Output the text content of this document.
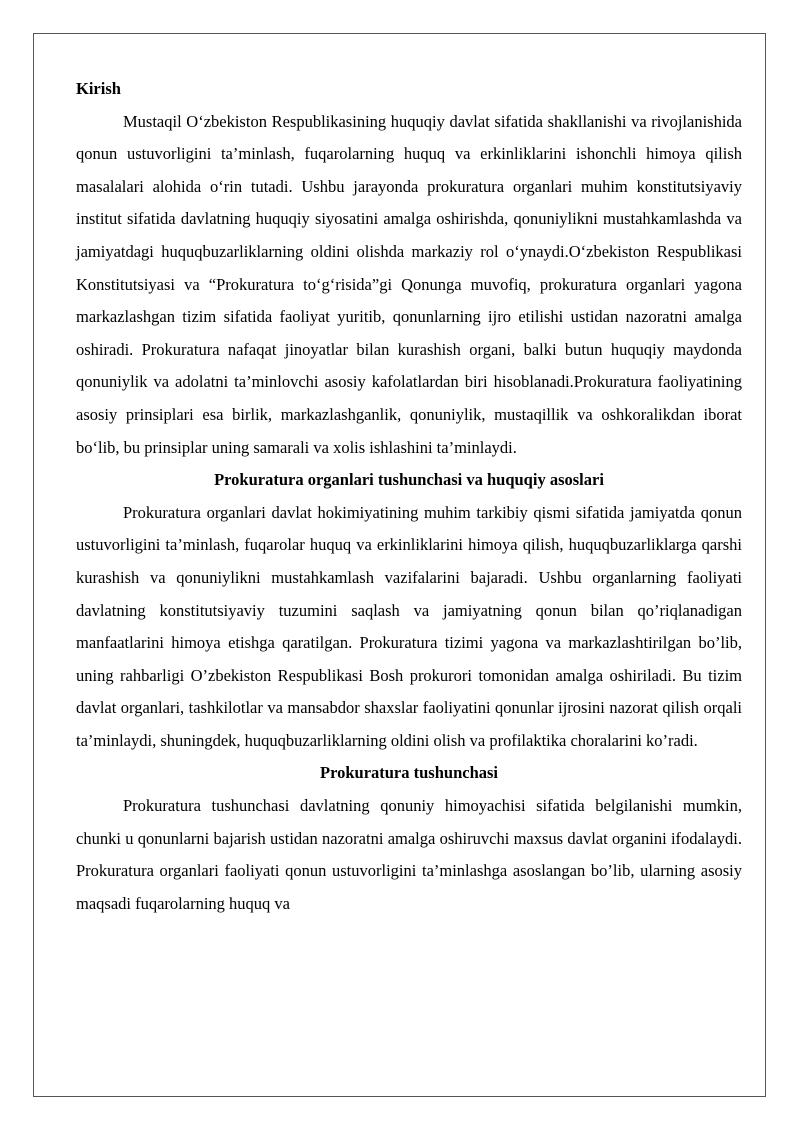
Kirish

Mustaqil O‘zbekiston Respublikasining huquqiy davlat sifatida shakllanishi va rivojlanishida qonun ustuvorligini ta’minlash, fuqarolarning huquq va erkinliklarini ishonchli himoya qilish masalalari alohida o‘rin tutadi. Ushbu jarayonda prokuratura organlari muhim konstitutsiyaviy institut sifatida davlatning huquqiy siyosatini amalga oshirishda, qonuniylikni mustahkamlashda va jamiyatdagi huquqbuzarliklarning oldini olishda markaziy rol o‘ynaydi.O‘zbekiston Respublikasi Konstitutsiyasi va “Prokuratura to‘g‘risida”gi Qonunga muvofiq, prokuratura organlari yagona markazlashgan tizim sifatida faoliyat yuritib, qonunlarning ijro etilishi ustidan nazoratni amalga oshiradi. Prokuratura nafaqat jinoyatlar bilan kurashish organi, balki butun huquqiy maydonda qonuniylik va adolatni ta’minlovchi asosiy kafolatlardan biri hisoblanadi.Prokuratura faoliyatining asosiy prinsiplari esa birlik, markazlashganlik, qonuniylik, mustaqillik va oshkoralikdan iborat bo‘lib, bu prinsiplar uning samarali va xolis ishlashini ta’minlaydi.

Prokuratura organlari tushunchasi va huquqiy asoslari

Prokuratura organlari davlat hokimiyatining muhim tarkibiy qismi sifatida jamiyatda qonun ustuvorligini ta’minlash, fuqarolar huquq va erkinliklarini himoya qilish, huquqbuzarliklarga qarshi kurashish va qonuniylikni mustahkamlash vazifalarini bajaradi. Ushbu organlarning faoliyati davlatning konstitutsiyaviy tuzumini saqlash va jamiyatning qonun bilan qo’riqlanadigan manfaatlarini himoya etishga qaratilgan. Prokuratura tizimi yagona va markazlashtirilgan bo’lib, uning rahbarligi O’zbekiston Respublikasi Bosh prokurori tomonidan amalga oshiriladi. Bu tizim davlat organlari, tashkilotlar va mansabdor shaxslar faoliyatini qonunlar ijrosini nazorat qilish orqali ta’minlaydi, shuningdek, huquqbuzarliklarning oldini olish va profilaktika choralarini ko’radi.

Prokuratura tushunchasi

Prokuratura tushunchasi davlatning qonuniy himoyachisi sifatida belgilanishi mumkin, chunki u qonunlarni bajarish ustidan nazoratni amalga oshiruvchi maxsus davlat organini ifodalaydi. Prokuratura organlari faoliyati qonun ustuvorligini ta’minlashga asoslangan bo’lib, ularning asosiy maqsadi fuqarolarning huquq va
